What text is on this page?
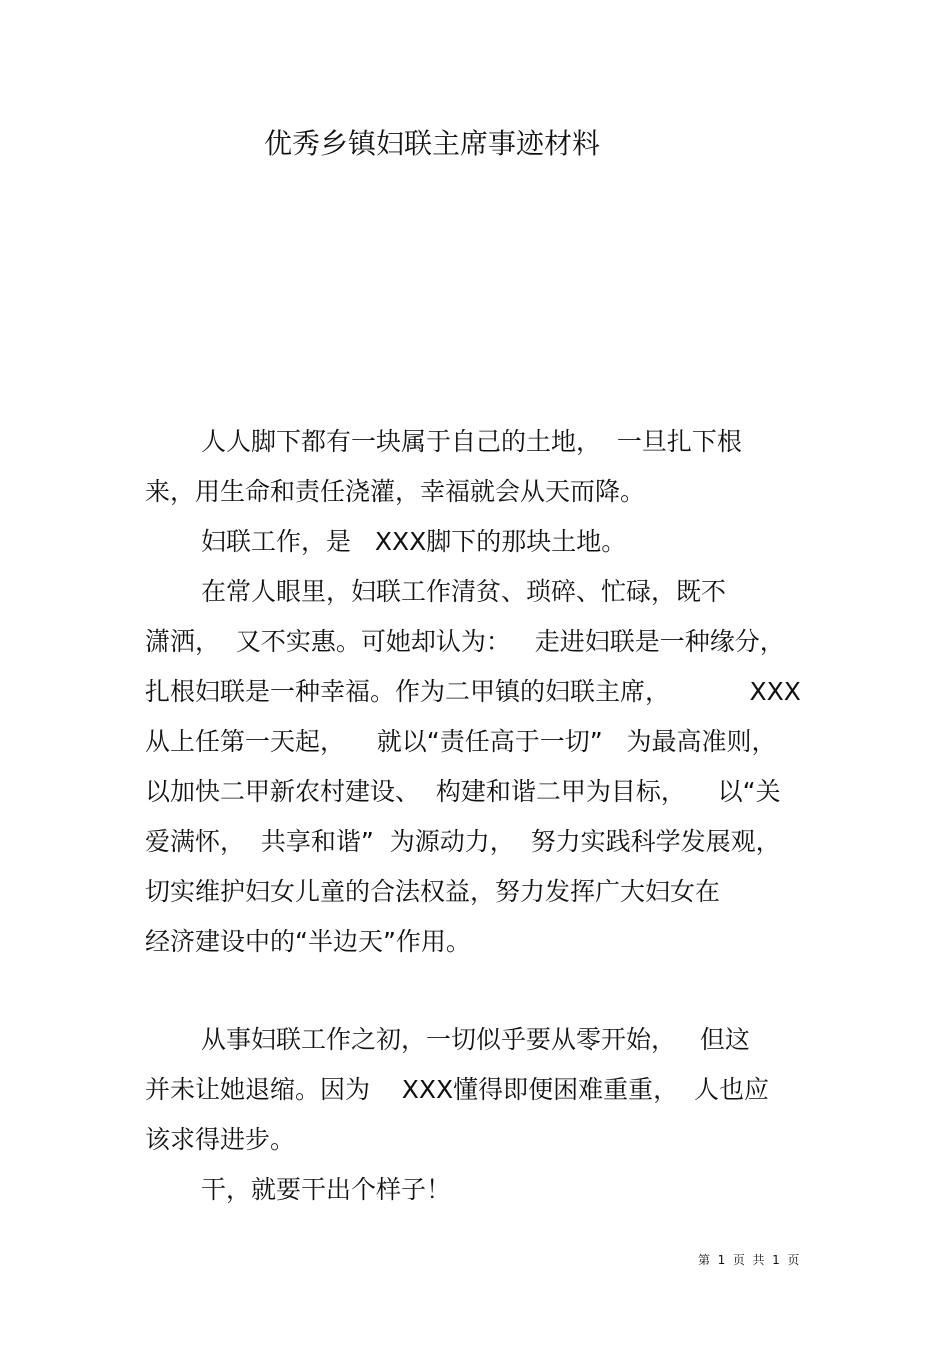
优秀乡镇妇联主席事迹材料
人人脚下都有一块属于自己的土地，  一旦扎下根
来，用生命和责任浇灌，幸福就会从天而降。
妇联工作，是   XXX脚下的那块土地。
在常人眼里，妇联工作清贫、琐碎、忙碌，既不
潇洒，  又不实惠。可她却认为：   走进妇联是一种缘分，
扎根妇联是一种幸福。作为二甲镇的妇联主席，          XXX
从上任第一天起，    就以“责任高于一切”   为最高准则，
以加快二甲新农村建设、  构建和谐二甲为目标，    以“关
爱满怀，  共享和谐”  为源动力，  努力实践科学发展观，
切实维护妇女儿童的合法权益，努力发挥广大妇女在
经济建设中的“半边天”作用。
从事妇联工作之初，一切似乎要从零开始，   但这
并未让她退缩。因为    XXX懂得即便困难重重，  人也应
该求得进步。
干，就要干出个样子！
第  1  页  共  1  页
